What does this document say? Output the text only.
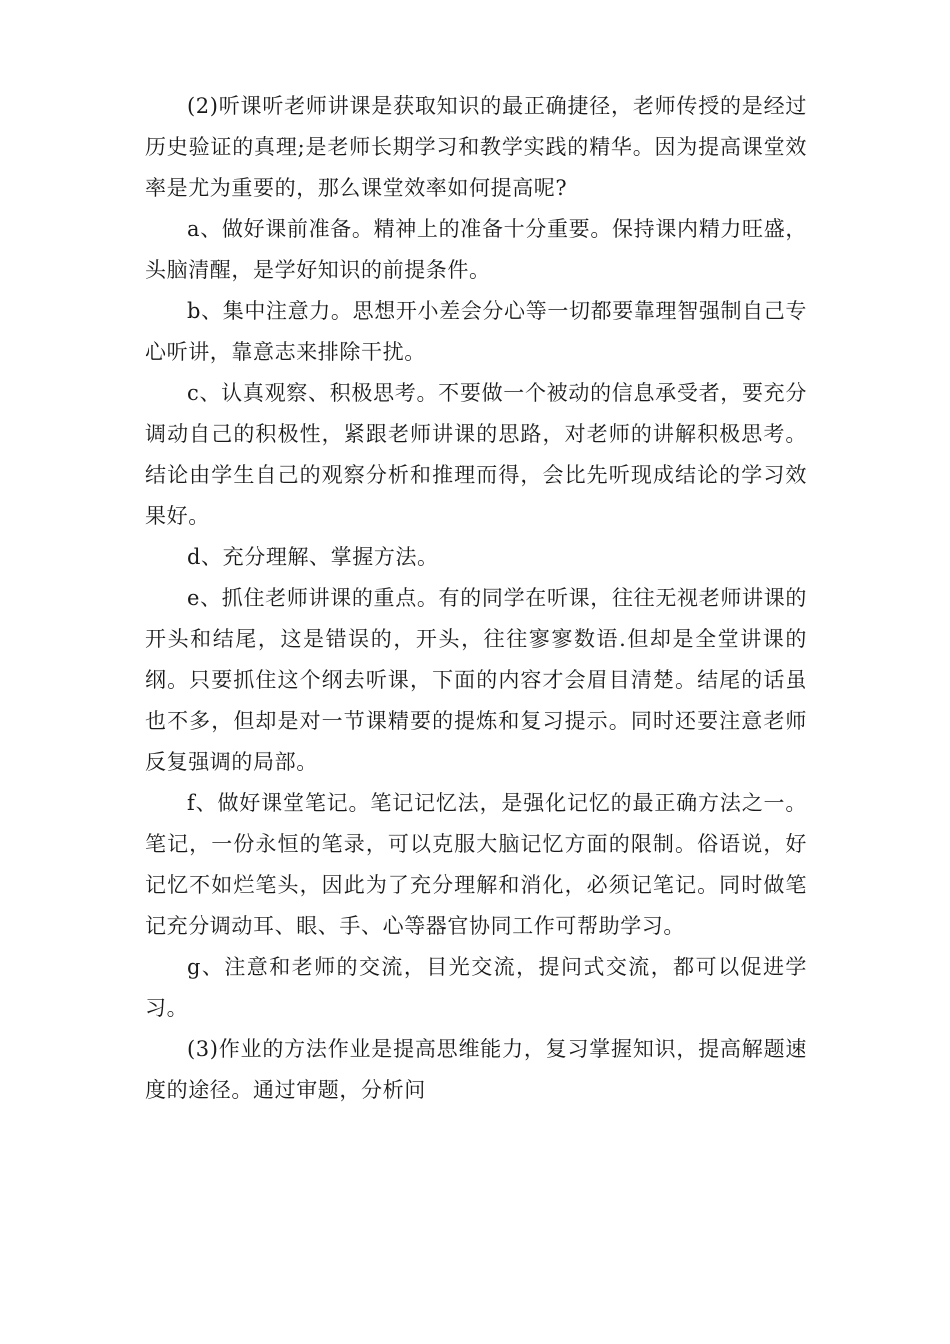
(2)听课听老师讲课是获取知识的最正确捷径，老师传授的是经过历史验证的真理;是老师长期学习和教学实践的精华。因为提高课堂效率是尤为重要的，那么课堂效率如何提高呢?

a、做好课前准备。精神上的准备十分重要。保持课内精力旺盛，头脑清醒，是学好知识的前提条件。

b、集中注意力。思想开小差会分心等一切都要靠理智强制自己专心听讲，靠意志来排除干扰。

c、认真观察、积极思考。不要做一个被动的信息承受者，要充分调动自己的积极性，紧跟老师讲课的思路，对老师的讲解积极思考。结论由学生自己的观察分析和推理而得，会比先听现成结论的学习效果好。

d、充分理解、掌握方法。

e、抓住老师讲课的重点。有的同学在听课，往往无视老师讲课的开头和结尾，这是错误的，开头，往往寥寥数语.但却是全堂讲课的纲。只要抓住这个纲去听课，下面的内容才会眉目清楚。结尾的话虽也不多，但却是对一节课精要的提炼和复习提示。同时还要注意老师反复强调的局部。

f、做好课堂笔记。笔记记忆法，是强化记忆的最正确方法之一。笔记，一份永恒的笔录，可以克服大脑记忆方面的限制。俗语说，好记忆不如烂笔头，因此为了充分理解和消化，必须记笔记。同时做笔记充分调动耳、眼、手、心等器官协同工作可帮助学习。

g、注意和老师的交流，目光交流，提问式交流，都可以促进学习。

(3)作业的方法作业是提高思维能力，复习掌握知识，提高解题速度的途径。通过审题，分析问
